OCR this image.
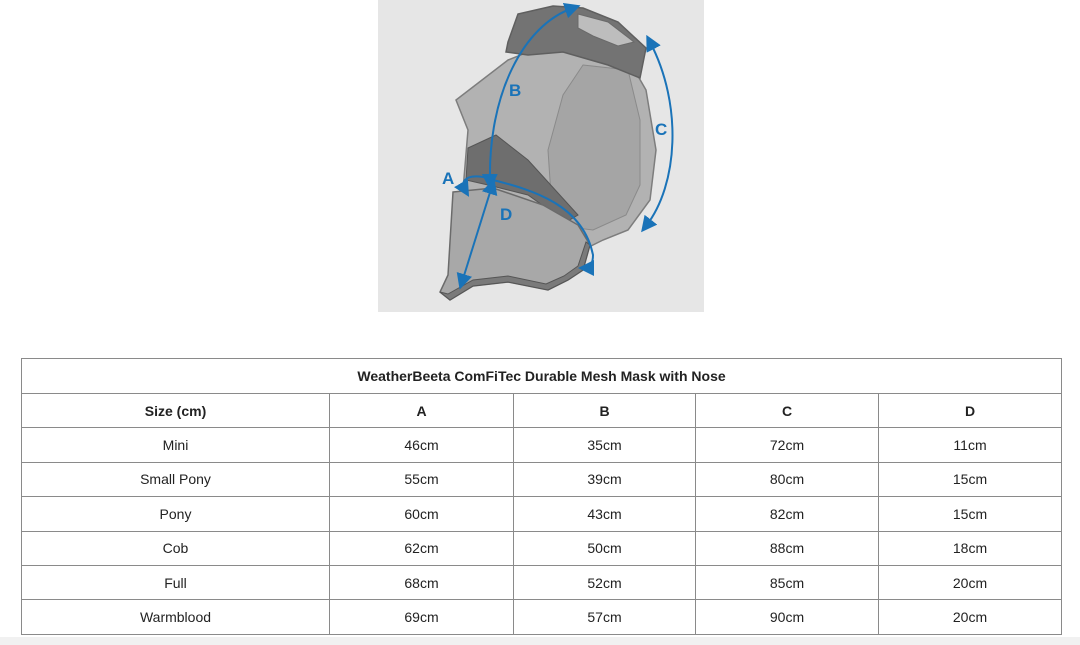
B
C
A
D
WeatherBeeta ComFiTec Durable Mesh Mask with Nose				
Size (cm)	A	B	C	D
Mini	46cm	35cm	72cm	11cm
Small Pony	55cm	39cm	80cm	15cm
Pony	60cm	43cm	82cm	15cm
Cob	62cm	50cm	88cm	18cm
Full	68cm	52cm	85cm	20cm
Warmblood	69cm	57cm	90cm	20cm
